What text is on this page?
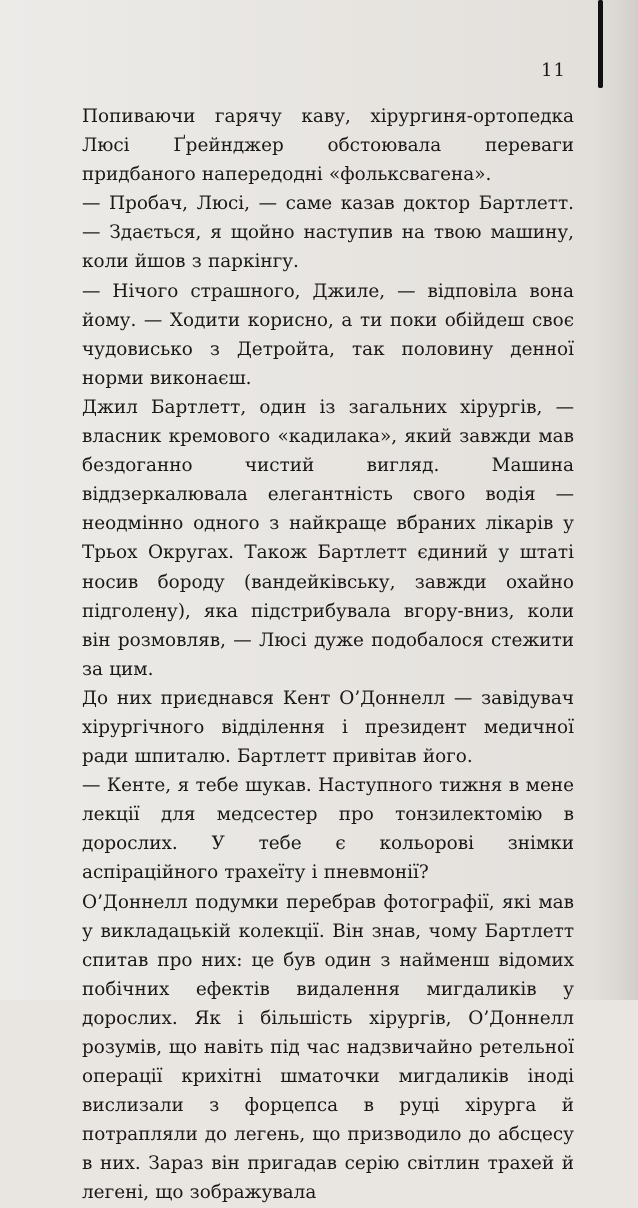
11

Попиваючи гарячу каву, хірургиня-ортопедка Люсі Ґрейнджер обстоювала переваги придбаного напередодні «фольксвагена».

— Пробач, Люсі, — саме казав доктор Бартлетт. — Здається, я щойно наступив на твою машину, коли йшов з паркінгу.

— Нічого страшного, Джиле, — відповіла вона йому. — Ходити корисно, а ти поки обійдеш своє чудовисько з Детройта, так половину денної норми виконаєш.

Джил Бартлетт, один із загальних хірургів, — власник кремового «кадилака», який завжди мав бездоганно чистий вигляд. Машина віддзеркалювала елегантність свого водія — неодмінно одного з найкраще вбраних лікарів у Трьох Округах. Також Бартлетт єдиний у штаті носив бороду (вандейківську, завжди охайно підголену), яка підстрибувала вгору-вниз, коли він розмовляв, — Люсі дуже подобалося стежити за цим.

До них приєднався Кент О’Доннелл — завідувач хірургічного відділення і президент медичної ради шпиталю. Бартлетт привітав його.

— Кенте, я тебе шукав. Наступного тижня в мене лекції для медсестер про тонзилектомію в дорослих. У тебе є кольорові знімки аспіраційного трахеїту і пневмонії?

О’Доннелл подумки перебрав фотографії, які мав у викладацькій колекції. Він знав, чому Бартлетт спитав про них: це був один з найменш відомих побічних ефектів видалення мигдаликів у дорослих. Як і більшість хірургів, О’Доннелл розумів, що навіть під час надзвичайно ретельної операції крихітні шматочки мигдаликів іноді вислизали з форцепса в руці хірурга й потрапляли до легень, що призводило до абсцесу в них. Зараз він пригадав серію світлин трахей й легені, що зображувала
